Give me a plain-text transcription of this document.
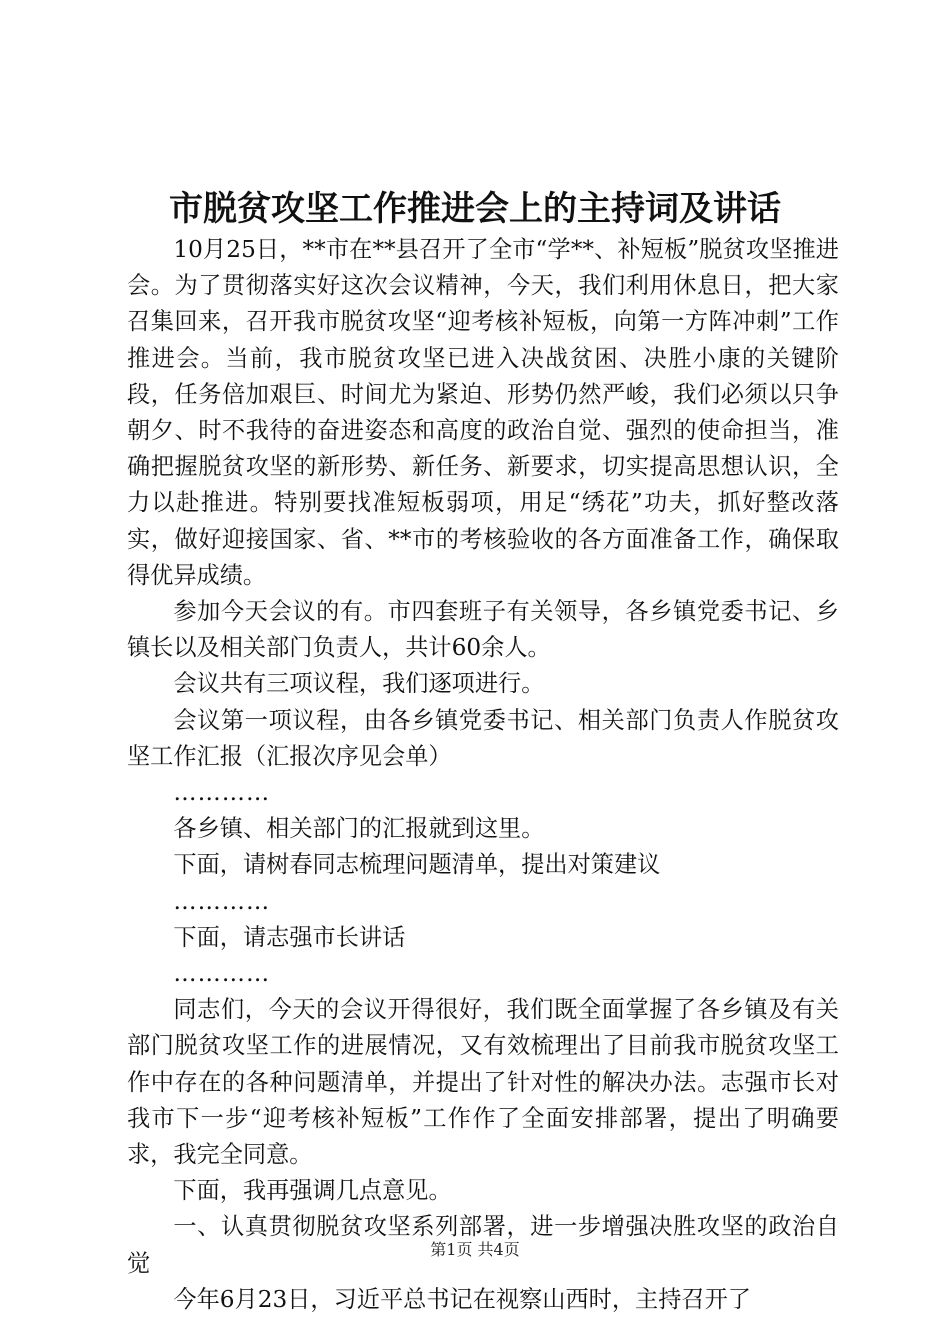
市脱贫攻坚工作推进会上的主持词及讲话

10月25日，**市在**县召开了全市“学**、补短板”脱贫攻坚推进会。为了贯彻落实好这次会议精神，今天，我们利用休息日，把大家召集回来，召开我市脱贫攻坚“迎考核补短板，向第一方阵冲刺”工作推进会。当前，我市脱贫攻坚已进入决战贫困、决胜小康的关键阶段，任务倍加艰巨、时间尤为紧迫、形势仍然严峻，我们必须以只争朝夕、时不我待的奋进姿态和高度的政治自觉、强烈的使命担当，准确把握脱贫攻坚的新形势、新任务、新要求，切实提高思想认识，全力以赴推进。特别要找准短板弱项，用足“绣花”功夫，抓好整改落实，做好迎接国家、省、**市的考核验收的各方面准备工作，确保取得优异成绩。

参加今天会议的有。市四套班子有关领导，各乡镇党委书记、乡镇长以及相关部门负责人，共计60余人。

会议共有三项议程，我们逐项进行。

会议第一项议程，由各乡镇党委书记、相关部门负责人作脱贫攻坚工作汇报（汇报次序见会单）

…………

各乡镇、相关部门的汇报就到这里。

下面，请树春同志梳理问题清单，提出对策建议

…………

下面，请志强市长讲话

…………

同志们，今天的会议开得很好，我们既全面掌握了各乡镇及有关部门脱贫攻坚工作的进展情况，又有效梳理出了目前我市脱贫攻坚工作中存在的各种问题清单，并提出了针对性的解决办法。志强市长对我市下一步“迎考核补短板”工作作了全面安排部署，提出了明确要求，我完全同意。

下面，我再强调几点意见。

一、认真贯彻脱贫攻坚系列部署，进一步增强决胜攻坚的政治自觉

今年6月23日，习近平总书记在视察山西时，主持召开了

第1页 共4页
